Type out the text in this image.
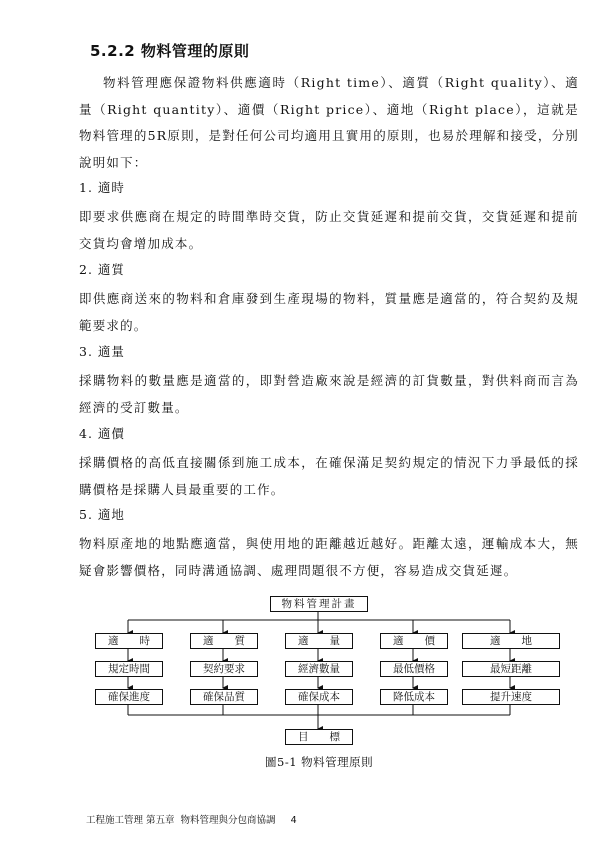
5.2.2 物料管理的原則

物料管理應保證物料供應適時（Right time）、適質（Right quality）、適量（Right quantity）、適價（Right price）、適地（Right place），這就是物料管理的5R原則，是對任何公司均適用且實用的原則，也易於理解和接受，分別說明如下：

1. 適時

即要求供應商在規定的時間準時交貨，防止交貨延遲和提前交貨，交貨延遲和提前交貨均會增加成本。

2. 適質

即供應商送來的物料和倉庫發到生產現場的物料，質量應是適當的，符合契約及規範要求的。

3. 適量

採購物料的數量應是適當的，即對營造廠來說是經濟的訂貨數量，對供料商而言為經濟的受訂數量。

4. 適價

採購價格的高低直接關係到施工成本，在確保滿足契約規定的情況下力爭最低的採購價格是採購人員最重要的工作。

5. 適地

物料原產地的地點應適當，與使用地的距離越近越好。距離太遠，運輸成本大，無疑會影響價格，同時溝通協調、處理問題很不方便，容易造成交貨延遲。

物料管理計畫
適　　時	適　　質	適　　量	適　　價	適　　地
規定時間	契約要求	經濟數量	最低價格	最短距離
確保進度	確保品質	確保成本	降低成本	提升速度
目　　標
圖5-1 物料管理原則
工程施工管理 第五章  物料管理與分包商協調     4
